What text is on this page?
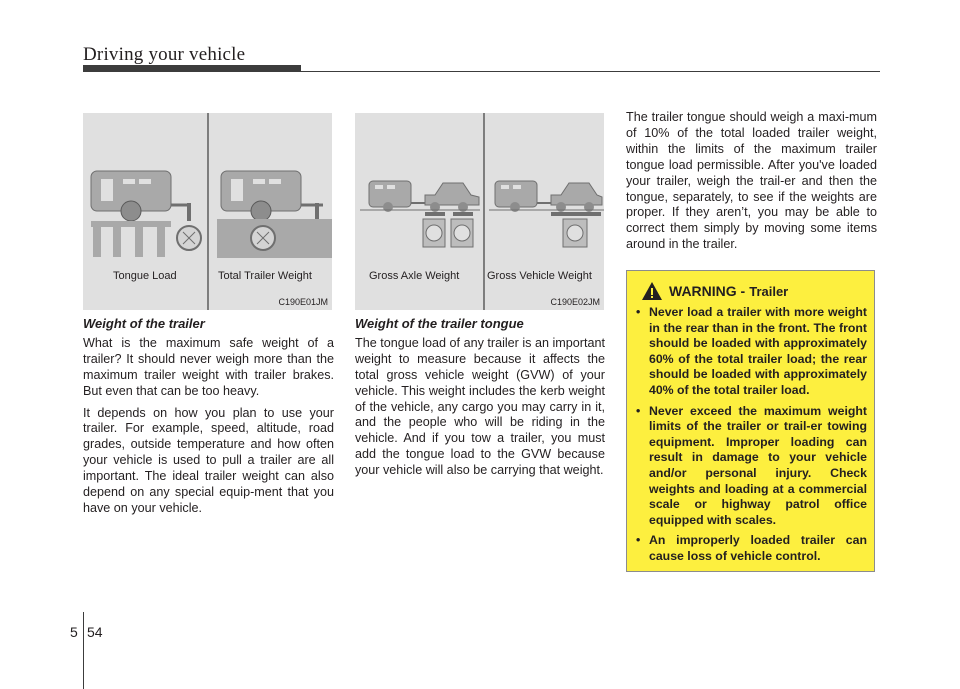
Driving your vehicle
Tongue Load	Total Trailer Weight
C190E01JM
Gross Axle Weight	Gross Vehicle Weight
C190E02JM
Weight of the trailer

What is the maximum safe weight of a trailer? It should never weigh more than the maximum trailer weight with trailer brakes. But even that can be too heavy.

It depends on how you plan to use your trailer. For example, speed, altitude, road grades, outside temperature and how often your vehicle is used to pull a trailer are all important. The ideal trailer weight can also depend on any special equip-ment that you have on your vehicle.

Weight of the trailer tongue

The tongue load of any trailer is an important weight to measure because it affects the total gross vehicle weight (GVW) of your vehicle. This weight includes the kerb weight of the vehicle, any cargo you may carry in it, and the people who will be riding in the vehicle. And if you tow a trailer, you must add the tongue load to the GVW because your vehicle will also be carrying that weight.

The trailer tongue should weigh a maxi-mum of 10% of the total loaded trailer weight, within the limits of the maximum trailer tongue load permissible. After you've loaded your trailer, weigh the trail-er and then the tongue, separately, to see if the weights are proper. If they aren’t, you may be able to correct them simply by moving some items around in the trailer.

WARNING - Trailer
• Never load a trailer with more weight in the rear than in the front. The front should be loaded with approximately 60% of the total trailer load; the rear should be loaded with approximately 40% of the total trailer load.
• Never exceed the maximum weight limits of the trailer or trail-er towing equipment. Improper loading can result in damage to your vehicle and/or personal injury. Check weights and loading at a commercial scale or highway patrol office equipped with scales.
• An improperly loaded trailer can cause loss of vehicle control.
5 54
